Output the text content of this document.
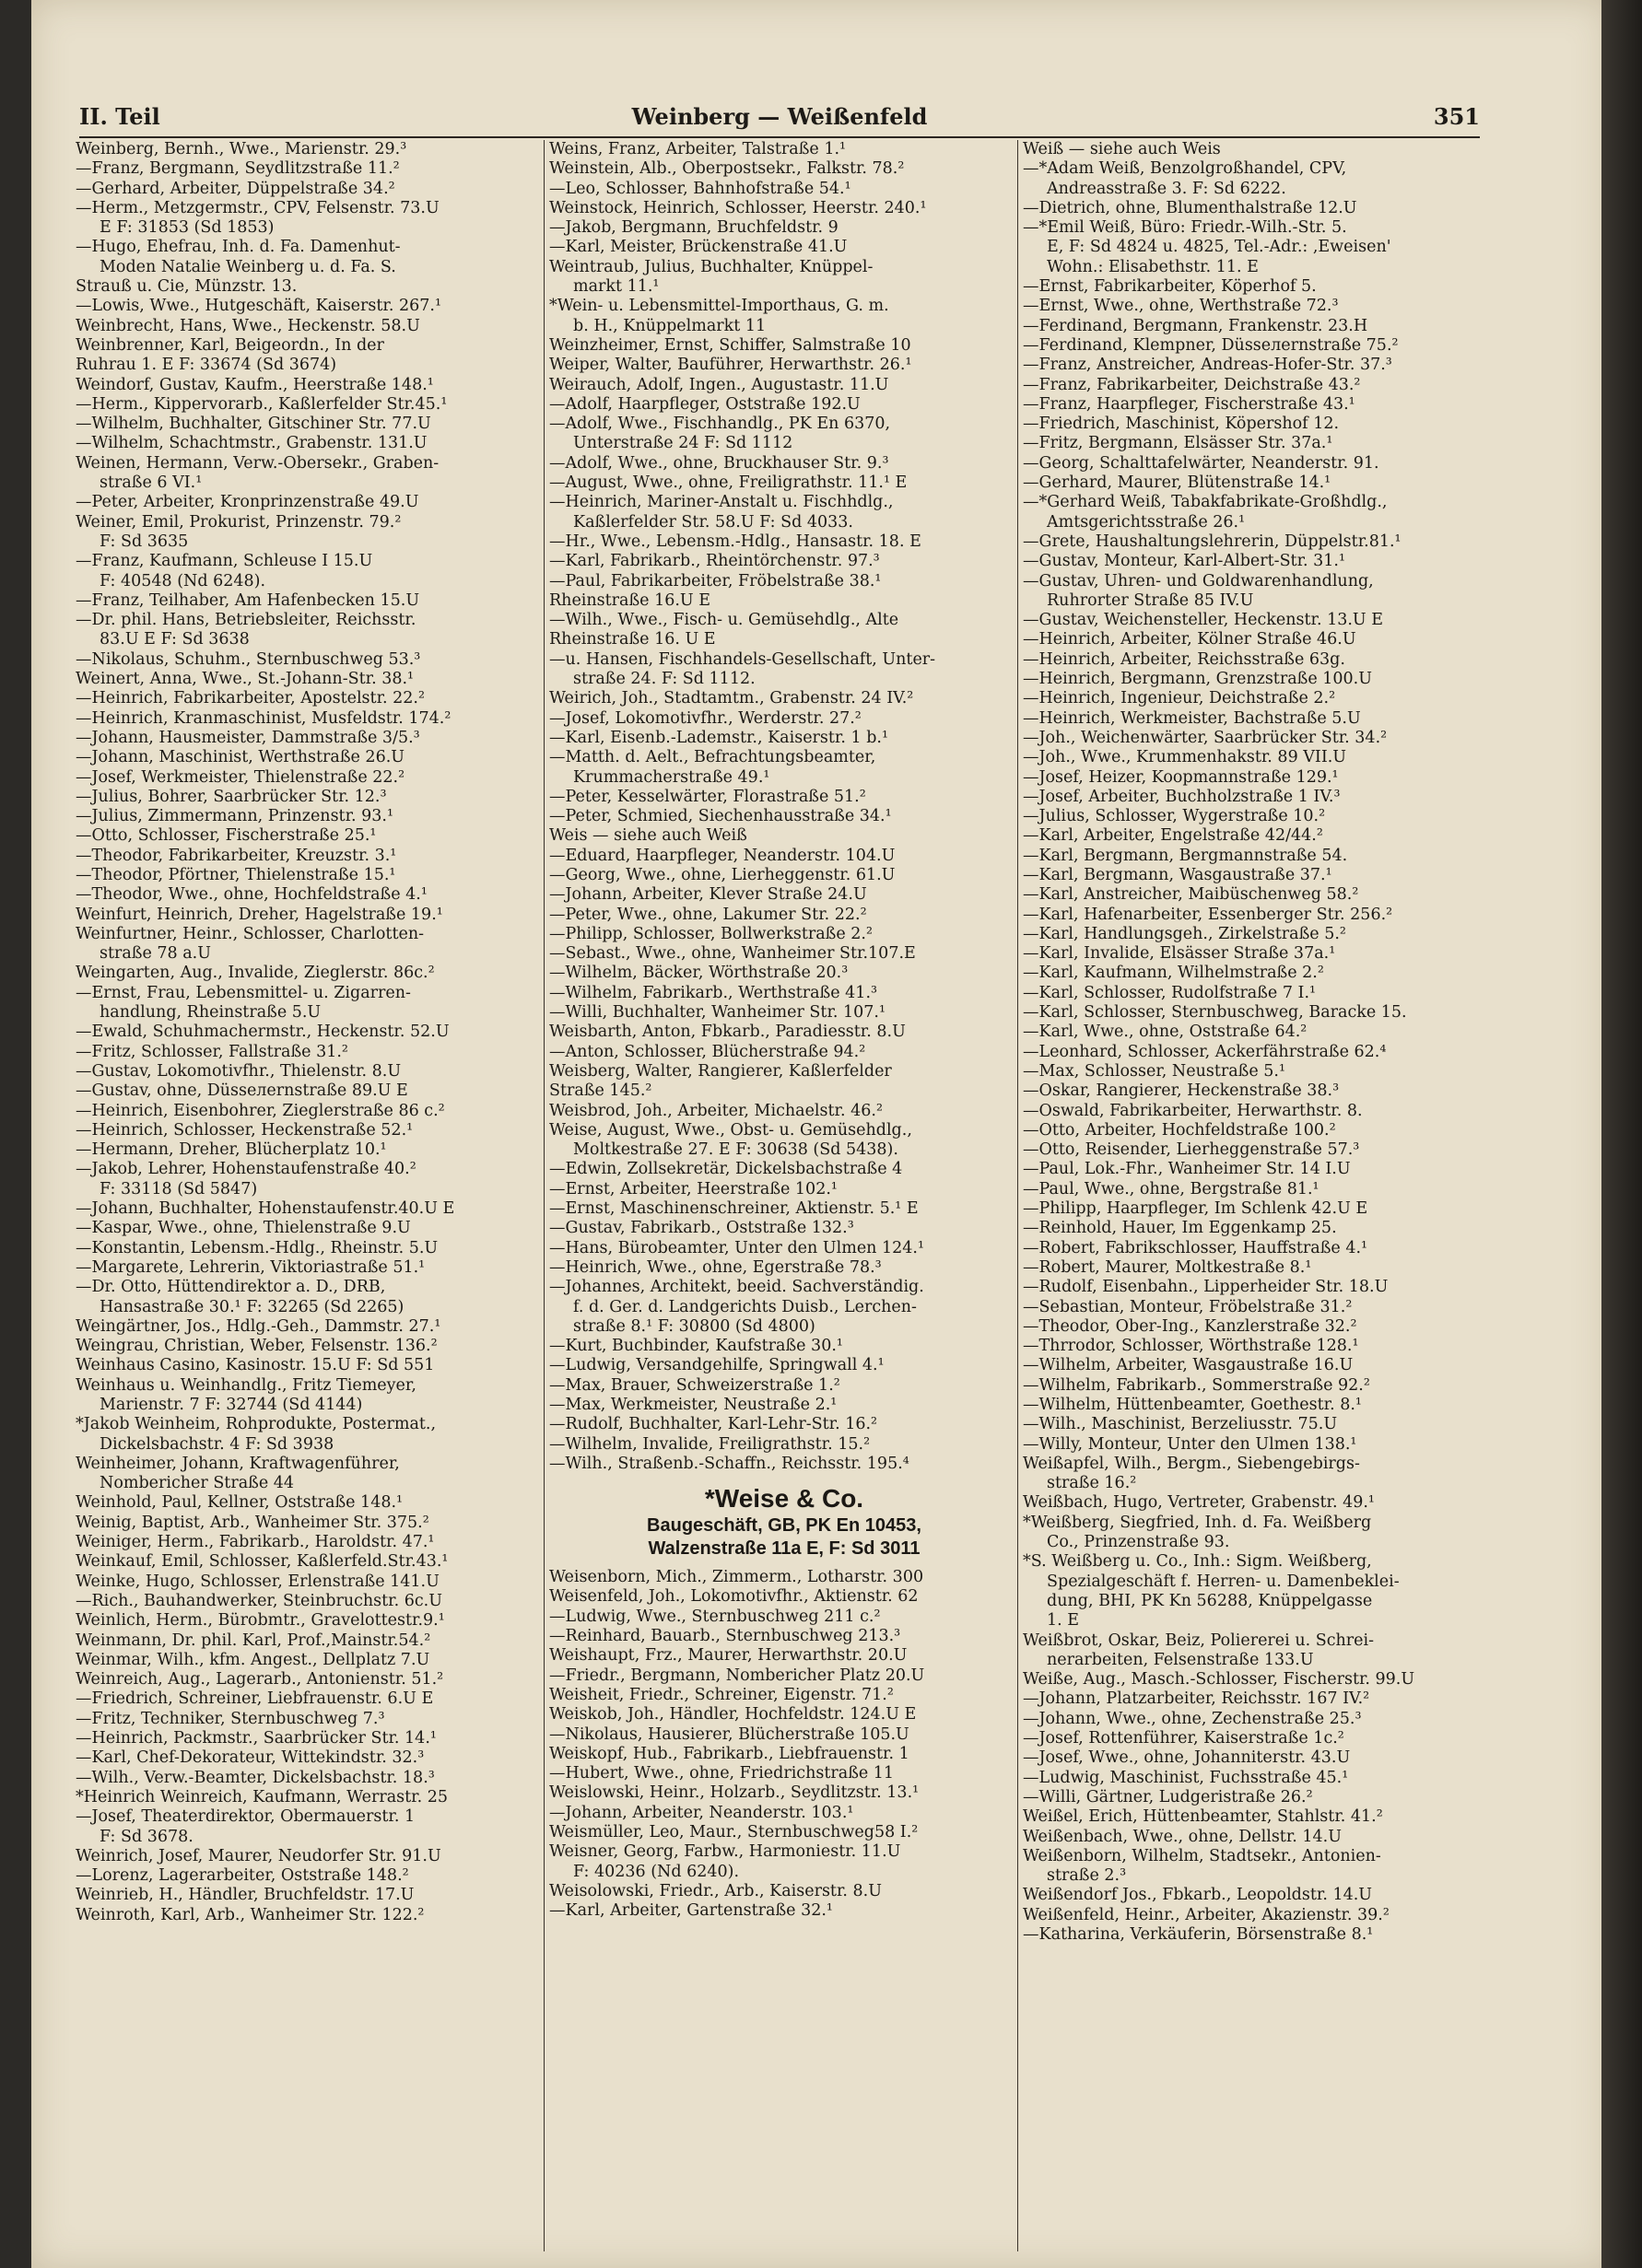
II. Teil	Weinberg — Weißenfeld	351

Weinberg, Bernh., Wwe., Marienstr. 29.³

—Franz, Bergmann, Seydlitzstraße 11.²

—Gerhard, Arbeiter, Düppelstraße 34.²

—Herm., Metzgermstr., CPV, Felsenstr. 73.U

E F: 31853 (Sd 1853)

—Hugo, Ehefrau, Inh. d. Fa. Damenhut-

Moden Natalie Weinberg u. d. Fa. S.

Strauß u. Cie, Münzstr. 13.

—Lowis, Wwe., Hutgeschäft, Kaiserstr. 267.¹

Weinbrecht, Hans, Wwe., Heckenstr. 58.U

Weinbrenner, Karl, Beigeordn., In der

Ruhrau 1. E F: 33674 (Sd 3674)

Weindorf, Gustav, Kaufm., Heerstraße 148.¹

—Herm., Kippervorarb., Kaßlerfelder Str.45.¹

—Wilhelm, Buchhalter, Gitschiner Str. 77.U

—Wilhelm, Schachtmstr., Grabenstr. 131.U

Weinen, Hermann, Verw.-Obersekr., Graben-

straße 6 VI.¹

—Peter, Arbeiter, Kronprinzenstraße 49.U

Weiner, Emil, Prokurist, Prinzenstr. 79.²

F: Sd 3635

—Franz, Kaufmann, Schleuse I 15.U

F: 40548 (Nd 6248).

—Franz, Teilhaber, Am Hafenbecken 15.U

—Dr. phil. Hans, Betriebsleiter, Reichsstr.

83.U E F: Sd 3638

—Nikolaus, Schuhm., Sternbuschweg 53.³

Weinert, Anna, Wwe., St.-Johann-Str. 38.¹

—Heinrich, Fabrikarbeiter, Apostelstr. 22.²

—Heinrich, Kranmaschinist, Musfeldstr. 174.²

—Johann, Hausmeister, Dammstraße 3/5.³

—Johann, Maschinist, Werthstraße 26.U

—Josef, Werkmeister, Thielenstraße 22.²

—Julius, Bohrer, Saarbrücker Str. 12.³

—Julius, Zimmermann, Prinzenstr. 93.¹

—Otto, Schlosser, Fischerstraße 25.¹

—Theodor, Fabrikarbeiter, Kreuzstr. 3.¹

—Theodor, Pförtner, Thielenstraße 15.¹

—Theodor, Wwe., ohne, Hochfeldstraße 4.¹

Weinfurt, Heinrich, Dreher, Hagelstraße 19.¹

Weinfurtner, Heinr., Schlosser, Charlotten-

straße 78 a.U

Weingarten, Aug., Invalide, Zieglerstr. 86c.²

—Ernst, Frau, Lebensmittel- u. Zigarren-

handlung, Rheinstraße 5.U

—Ewald, Schuhmachermstr., Heckenstr. 52.U

—Fritz, Schlosser, Fallstraße 31.²

—Gustav, Lokomotivfhr., Thielenstr. 8.U

—Gustav, ohne, Düsseлernstraße 89.U E

—Heinrich, Eisenbohrer, Zieglerstraße 86 c.²

—Heinrich, Schlosser, Heckenstraße 52.¹

—Hermann, Dreher, Blücherplatz 10.¹

—Jakob, Lehrer, Hohenstaufenstraße 40.²

F: 33118 (Sd 5847)

—Johann, Buchhalter, Hohenstaufenstr.40.U E

—Kaspar, Wwe., ohne, Thielenstraße 9.U

—Konstantin, Lebensm.-Hdlg., Rheinstr. 5.U

—Margarete, Lehrerin, Viktoriastraße 51.¹

—Dr. Otto, Hüttendirektor a. D., DRB,

Hansastraße 30.¹ F: 32265 (Sd 2265)

Weingärtner, Jos., Hdlg.-Geh., Dammstr. 27.¹

Weingrau, Christian, Weber, Felsenstr. 136.²

Weinhaus Casino, Kasinostr. 15.U F: Sd 551

Weinhaus u. Weinhandlg., Fritz Tiemeyer,

Marienstr. 7 F: 32744 (Sd 4144)

*Jakob Weinheim, Rohprodukte, Postermat.,

Dickelsbachstr. 4 F: Sd 3938

Weinheimer, Johann, Kraftwagenführer,

Nombericher Straße 44

Weinhold, Paul, Kellner, Oststraße 148.¹

Weinig, Baptist, Arb., Wanheimer Str. 375.²

Weiniger, Herm., Fabrikarb., Haroldstr. 47.¹

Weinkauf, Emil, Schlosser, Kaßlerfeld.Str.43.¹

Weinke, Hugo, Schlosser, Erlenstraße 141.U

—Rich., Bauhandwerker, Steinbruchstr. 6c.U

Weinlich, Herm., Bürobmtr., Gravelottestr.9.¹

Weinmann, Dr. phil. Karl, Prof.,Mainstr.54.²

Weinmar, Wilh., kfm. Angest., Dellplatz 7.U

Weinreich, Aug., Lagerarb., Antonienstr. 51.²

—Friedrich, Schreiner, Liebfrauenstr. 6.U E

—Fritz, Techniker, Sternbuschweg 7.³

—Heinrich, Packmstr., Saarbrücker Str. 14.¹

—Karl, Chef-Dekorateur, Wittekindstr. 32.³

—Wilh., Verw.-Beamter, Dickelsbachstr. 18.³

*Heinrich Weinreich, Kaufmann, Werrastr. 25

—Josef, Theaterdirektor, Obermauerstr. 1

F: Sd 3678.

Weinrich, Josef, Maurer, Neudorfer Str. 91.U

—Lorenz, Lagerarbeiter, Oststraße 148.²

Weinrieb, H., Händler, Bruchfeldstr. 17.U

Weinroth, Karl, Arb., Wanheimer Str. 122.²

Weins, Franz, Arbeiter, Talstraße 1.¹

Weinstein, Alb., Oberpostsekr., Falkstr. 78.²

—Leo, Schlosser, Bahnhofstraße 54.¹

Weinstock, Heinrich, Schlosser, Heerstr. 240.¹

—Jakob, Bergmann, Bruchfeldstr. 9

—Karl, Meister, Brückenstraße 41.U

Weintraub, Julius, Buchhalter, Knüppel-

markt 11.¹

*Wein- u. Lebensmittel-Importhaus, G. m.

b. H., Knüppelmarkt 11

Weinzheimer, Ernst, Schiffer, Salmstraße 10

Weiper, Walter, Bauführer, Herwarthstr. 26.¹

Weirauch, Adolf, Ingen., Augustastr. 11.U

—Adolf, Haarpfleger, Oststraße 192.U

—Adolf, Wwe., Fischhandlg., PK En 6370,

Unterstraße 24 F: Sd 1112

—Adolf, Wwe., ohne, Bruckhauser Str. 9.³

—August, Wwe., ohne, Freiligrathstr. 11.¹ E

—Heinrich, Mariner-Anstalt u. Fischhdlg.,

Kaßlerfelder Str. 58.U F: Sd 4033.

—Hr., Wwe., Lebensm.-Hdlg., Hansastr. 18. E

—Karl, Fabrikarb., Rheintörchenstr. 97.³

—Paul, Fabrikarbeiter, Fröbelstraße 38.¹

Rheinstraße 16.U E

—Wilh., Wwe., Fisch- u. Gemüsehdlg., Alte

Rheinstraße 16. U E

—u. Hansen, Fischhandels-Gesellschaft, Unter-

straße 24. F: Sd 1112.

Weirich, Joh., Stadtamtm., Grabenstr. 24 IV.²

—Josef, Lokomotivfhr., Werderstr. 27.²

—Karl, Eisenb.-Lademstr., Kaiserstr. 1 b.¹

—Matth. d. Aelt., Befrachtungsbeamter,

Krummacherstraße 49.¹

—Peter, Kesselwärter, Florastraße 51.²

—Peter, Schmied, Siechenhausstraße 34.¹

Weis — siehe auch Weiß

—Eduard, Haarpfleger, Neanderstr. 104.U

—Georg, Wwe., ohne, Lierheggenstr. 61.U

—Johann, Arbeiter, Klever Straße 24.U

—Peter, Wwe., ohne, Lakumer Str. 22.²

—Philipp, Schlosser, Bollwerkstraße 2.²

—Sebast., Wwe., ohne, Wanheimer Str.107.E

—Wilhelm, Bäcker, Wörthstraße 20.³

—Wilhelm, Fabrikarb., Werthstraße 41.³

—Willi, Buchhalter, Wanheimer Str. 107.¹

Weisbarth, Anton, Fbkarb., Paradiesstr. 8.U

—Anton, Schlosser, Blücherstraße 94.²

Weisberg, Walter, Rangierer, Kaßlerfelder

Straße 145.²

Weisbrod, Joh., Arbeiter, Michaelstr. 46.²

Weise, August, Wwe., Obst- u. Gemüsehdlg.,

Moltkestraße 27. E F: 30638 (Sd 5438).

—Edwin, Zollsekretär, Dickelsbachstraße 4

—Ernst, Arbeiter, Heerstraße 102.¹

—Ernst, Maschinenschreiner, Aktienstr. 5.¹ E

—Gustav, Fabrikarb., Oststraße 132.³

—Hans, Bürobeamter, Unter den Ulmen 124.¹

—Heinrich, Wwe., ohne, Egerstraße 78.³

—Johannes, Architekt, beeid. Sachverständig.

f. d. Ger. d. Landgerichts Duisb., Lerchen-

straße 8.¹ F: 30800 (Sd 4800)

—Kurt, Buchbinder, Kaufstraße 30.¹

—Ludwig, Versandgehilfe, Springwall 4.¹

—Max, Brauer, Schweizerstraße 1.²

—Max, Werkmeister, Neustraße 2.¹

—Rudolf, Buchhalter, Karl-Lehr-Str. 16.²

—Wilhelm, Invalide, Freiligrathstr. 15.²

—Wilh., Straßenb.-Schaffn., Reichsstr. 195.⁴

*Weise & Co.
Baugeschäft, GB, PK En 10453,
Walzenstraße 11a E, F: Sd 3011

Weisenborn, Mich., Zimmerm., Lotharstr. 300

Weisenfeld, Joh., Lokomotivfhr., Aktienstr. 62

—Ludwig, Wwe., Sternbuschweg 211 c.²

—Reinhard, Bauarb., Sternbuschweg 213.³

Weishaupt, Frz., Maurer, Herwarthstr. 20.U

—Friedr., Bergmann, Nombericher Platz 20.U

Weisheit, Friedr., Schreiner, Eigenstr. 71.²

Weiskob, Joh., Händler, Hochfeldstr. 124.U E

—Nikolaus, Hausierer, Blücherstraße 105.U

Weiskopf, Hub., Fabrikarb., Liebfrauenstr. 1

—Hubert, Wwe., ohne, Friedrichstraße 11

Weislowski, Heinr., Holzarb., Seydlitzstr. 13.¹

—Johann, Arbeiter, Neanderstr. 103.¹

Weismüller, Leo, Maur., Sternbuschweg58 I.²

Weisner, Georg, Farbw., Harmoniestr. 11.U

F: 40236 (Nd 6240).

Weisolowski, Friedr., Arb., Kaiserstr. 8.U

—Karl, Arbeiter, Gartenstraße 32.¹

Weiß — siehe auch Weis

—*Adam Weiß, Benzolgroßhandel, CPV,

Andreasstraße 3. F: Sd 6222.

—Dietrich, ohne, Blumenthalstraße 12.U

—*Emil Weiß, Büro: Friedr.-Wilh.-Str. 5.

E, F: Sd 4824 u. 4825, Tel.-Adr.: ,Eweisen'

Wohn.: Elisabethstr. 11. E

—Ernst, Fabrikarbeiter, Köperhof 5.

—Ernst, Wwe., ohne, Werthstraße 72.³

—Ferdinand, Bergmann, Frankenstr. 23.H

—Ferdinand, Klempner, Düsseлernstraße 75.²

—Franz, Anstreicher, Andreas-Hofer-Str. 37.³

—Franz, Fabrikarbeiter, Deichstraße 43.²

—Franz, Haarpfleger, Fischerstraße 43.¹

—Friedrich, Maschinist, Köpershof 12.

—Fritz, Bergmann, Elsässer Str. 37a.¹

—Georg, Schalttafelwärter, Neanderstr. 91.

—Gerhard, Maurer, Blütenstraße 14.¹

—*Gerhard Weiß, Tabakfabrikate-Großhdlg.,

Amtsgerichtsstraße 26.¹

—Grete, Haushaltungslehrerin, Düppelstr.81.¹

—Gustav, Monteur, Karl-Albert-Str. 31.¹

—Gustav, Uhren- und Goldwarenhandlung,

Ruhrorter Straße 85 IV.U

—Gustav, Weichensteller, Heckenstr. 13.U E

—Heinrich, Arbeiter, Kölner Straße 46.U

—Heinrich, Arbeiter, Reichsstraße 63g.

—Heinrich, Bergmann, Grenzstraße 100.U

—Heinrich, Ingenieur, Deichstraße 2.²

—Heinrich, Werkmeister, Bachstraße 5.U

—Joh., Weichenwärter, Saarbrücker Str. 34.²

—Joh., Wwe., Krummenhakstr. 89 VII.U

—Josef, Heizer, Koopmannstraße 129.¹

—Josef, Arbeiter, Buchholzstraße 1 IV.³

—Julius, Schlosser, Wygerstraße 10.²

—Karl, Arbeiter, Engelstraße 42/44.²

—Karl, Bergmann, Bergmannstraße 54.

—Karl, Bergmann, Wasgaustraße 37.¹

—Karl, Anstreicher, Maibüschenweg 58.²

—Karl, Hafenarbeiter, Essenberger Str. 256.²

—Karl, Handlungsgeh., Zirkelstraße 5.²

—Karl, Invalide, Elsässer Straße 37a.¹

—Karl, Kaufmann, Wilhelmstraße 2.²

—Karl, Schlosser, Rudolfstraße 7 I.¹

—Karl, Schlosser, Sternbuschweg, Baracke 15.

—Karl, Wwe., ohne, Oststraße 64.²

—Leonhard, Schlosser, Ackerfährstraße 62.⁴

—Max, Schlosser, Neustraße 5.¹

—Oskar, Rangierer, Heckenstraße 38.³

—Oswald, Fabrikarbeiter, Herwarthstr. 8.

—Otto, Arbeiter, Hochfeldstraße 100.²

—Otto, Reisender, Lierheggenstraße 57.³

—Paul, Lok.-Fhr., Wanheimer Str. 14 I.U

—Paul, Wwe., ohne, Bergstraße 81.¹

—Philipp, Haarpfleger, Im Schlenk 42.U E

—Reinhold, Hauer, Im Eggenkamp 25.

—Robert, Fabrikschlosser, Hauffstraße 4.¹

—Robert, Maurer, Moltkestraße 8.¹

—Rudolf, Eisenbahn., Lipperheider Str. 18.U

—Sebastian, Monteur, Fröbelstraße 31.²

—Theodor, Ober-Ing., Kanzlerstraße 32.²

—Thrrodor, Schlosser, Wörthstraße 128.¹

—Wilhelm, Arbeiter, Wasgaustraße 16.U

—Wilhelm, Fabrikarb., Sommerstraße 92.²

—Wilhelm, Hüttenbeamter, Goethestr. 8.¹

—Wilh., Maschinist, Berzeliusstr. 75.U

—Willy, Monteur, Unter den Ulmen 138.¹

Weißapfel, Wilh., Bergm., Siebengebirgs-

straße 16.²

Weißbach, Hugo, Vertreter, Grabenstr. 49.¹

*Weißberg, Siegfried, Inh. d. Fa. Weißberg

Co., Prinzenstraße 93.

*S. Weißberg u. Co., Inh.: Sigm. Weißberg,

Spezialgeschäft f. Herren- u. Damenbeklei-

dung, BHI, PK Kn 56288, Knüppelgasse

1. E

Weißbrot, Oskar, Beiz, Poliererei u. Schrei-

nerarbeiten, Felsenstraße 133.U

Weiße, Aug., Masch.-Schlosser, Fischerstr. 99.U

—Johann, Platzarbeiter, Reichsstr. 167 IV.²

—Johann, Wwe., ohne, Zechenstraße 25.³

—Josef, Rottenführer, Kaiserstraße 1c.²

—Josef, Wwe., ohne, Johanniterstr. 43.U

—Ludwig, Maschinist, Fuchsstraße 45.¹

—Willi, Gärtner, Ludgeristraße 26.²

Weißel, Erich, Hüttenbeamter, Stahlstr. 41.²

Weißenbach, Wwe., ohne, Dellstr. 14.U

Weißenborn, Wilhelm, Stadtsekr., Antonien-

straße 2.³

Weißendorf Jos., Fbkarb., Leopoldstr. 14.U

Weißenfeld, Heinr., Arbeiter, Akazienstr. 39.²

—Katharina, Verkäuferin, Börsenstraße 8.¹
